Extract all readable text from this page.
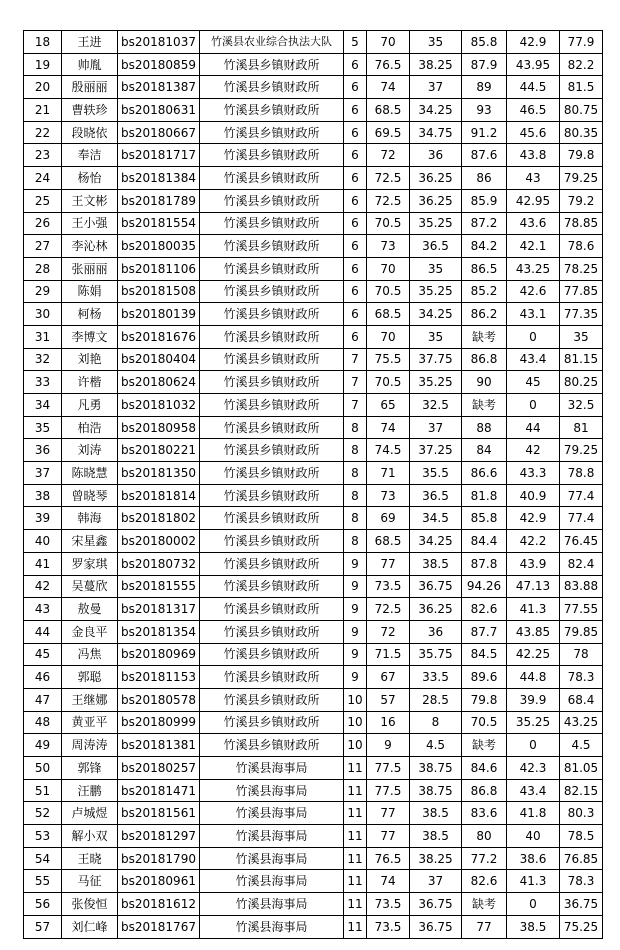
18	王进	bs20181037	竹溪县农业综合执法大队	5	70	35	85.8	42.9	77.9
19	帅胤	bs20180859	竹溪县乡镇财政所	6	76.5	38.25	87.9	43.95	82.2
20	殷丽丽	bs20181387	竹溪县乡镇财政所	6	74	37	89	44.5	81.5
21	曹轶珍	bs20180631	竹溪县乡镇财政所	6	68.5	34.25	93	46.5	80.75
22	段晓依	bs20180667	竹溪县乡镇财政所	6	69.5	34.75	91.2	45.6	80.35
23	奉洁	bs20181717	竹溪县乡镇财政所	6	72	36	87.6	43.8	79.8
24	杨怡	bs20181384	竹溪县乡镇财政所	6	72.5	36.25	86	43	79.25
25	王文彬	bs20181789	竹溪县乡镇财政所	6	72.5	36.25	85.9	42.95	79.2
26	王小强	bs20181554	竹溪县乡镇财政所	6	70.5	35.25	87.2	43.6	78.85
27	李沁林	bs20180035	竹溪县乡镇财政所	6	73	36.5	84.2	42.1	78.6
28	张丽丽	bs20181106	竹溪县乡镇财政所	6	70	35	86.5	43.25	78.25
29	陈娟	bs20181508	竹溪县乡镇财政所	6	70.5	35.25	85.2	42.6	77.85
30	柯杨	bs20180139	竹溪县乡镇财政所	6	68.5	34.25	86.2	43.1	77.35
31	李博文	bs20181676	竹溪县乡镇财政所	6	70	35	缺考	0	35
32	刘艳	bs20180404	竹溪县乡镇财政所	7	75.5	37.75	86.8	43.4	81.15
33	许楷	bs20180624	竹溪县乡镇财政所	7	70.5	35.25	90	45	80.25
34	凡勇	bs20181032	竹溪县乡镇财政所	7	65	32.5	缺考	0	32.5
35	柏浩	bs20180958	竹溪县乡镇财政所	8	74	37	88	44	81
36	刘涛	bs20180221	竹溪县乡镇财政所	8	74.5	37.25	84	42	79.25
37	陈晓慧	bs20181350	竹溪县乡镇财政所	8	71	35.5	86.6	43.3	78.8
38	曾晓琴	bs20181814	竹溪县乡镇财政所	8	73	36.5	81.8	40.9	77.4
39	韩海	bs20181802	竹溪县乡镇财政所	8	69	34.5	85.8	42.9	77.4
40	宋星鑫	bs20180002	竹溪县乡镇财政所	8	68.5	34.25	84.4	42.2	76.45
41	罗家琪	bs20180732	竹溪县乡镇财政所	9	77	38.5	87.8	43.9	82.4
42	吴蔓欣	bs20181555	竹溪县乡镇财政所	9	73.5	36.75	94.26	47.13	83.88
43	敖曼	bs20181317	竹溪县乡镇财政所	9	72.5	36.25	82.6	41.3	77.55
44	金良平	bs20181354	竹溪县乡镇财政所	9	72	36	87.7	43.85	79.85
45	冯焦	bs20180969	竹溪县乡镇财政所	9	71.5	35.75	84.5	42.25	78
46	郭聪	bs20181153	竹溪县乡镇财政所	9	67	33.5	89.6	44.8	78.3
47	王继娜	bs20180578	竹溪县乡镇财政所	10	57	28.5	79.8	39.9	68.4
48	黄亚平	bs20180999	竹溪县乡镇财政所	10	16	8	70.5	35.25	43.25
49	周涛涛	bs20181381	竹溪县乡镇财政所	10	9	4.5	缺考	0	4.5
50	郭锋	bs20180257	竹溪县海事局	11	77.5	38.75	84.6	42.3	81.05
51	汪鹏	bs20181471	竹溪县海事局	11	77.5	38.75	86.8	43.4	82.15
52	卢城煜	bs20181561	竹溪县海事局	11	77	38.5	83.6	41.8	80.3
53	解小双	bs20181297	竹溪县海事局	11	77	38.5	80	40	78.5
54	王晓	bs20181790	竹溪县海事局	11	76.5	38.25	77.2	38.6	76.85
55	马征	bs20180961	竹溪县海事局	11	74	37	82.6	41.3	78.3
56	张俊恒	bs20181612	竹溪县海事局	11	73.5	36.75	缺考	0	36.75
57	刘仁峰	bs20181767	竹溪县海事局	11	73.5	36.75	77	38.5	75.25
